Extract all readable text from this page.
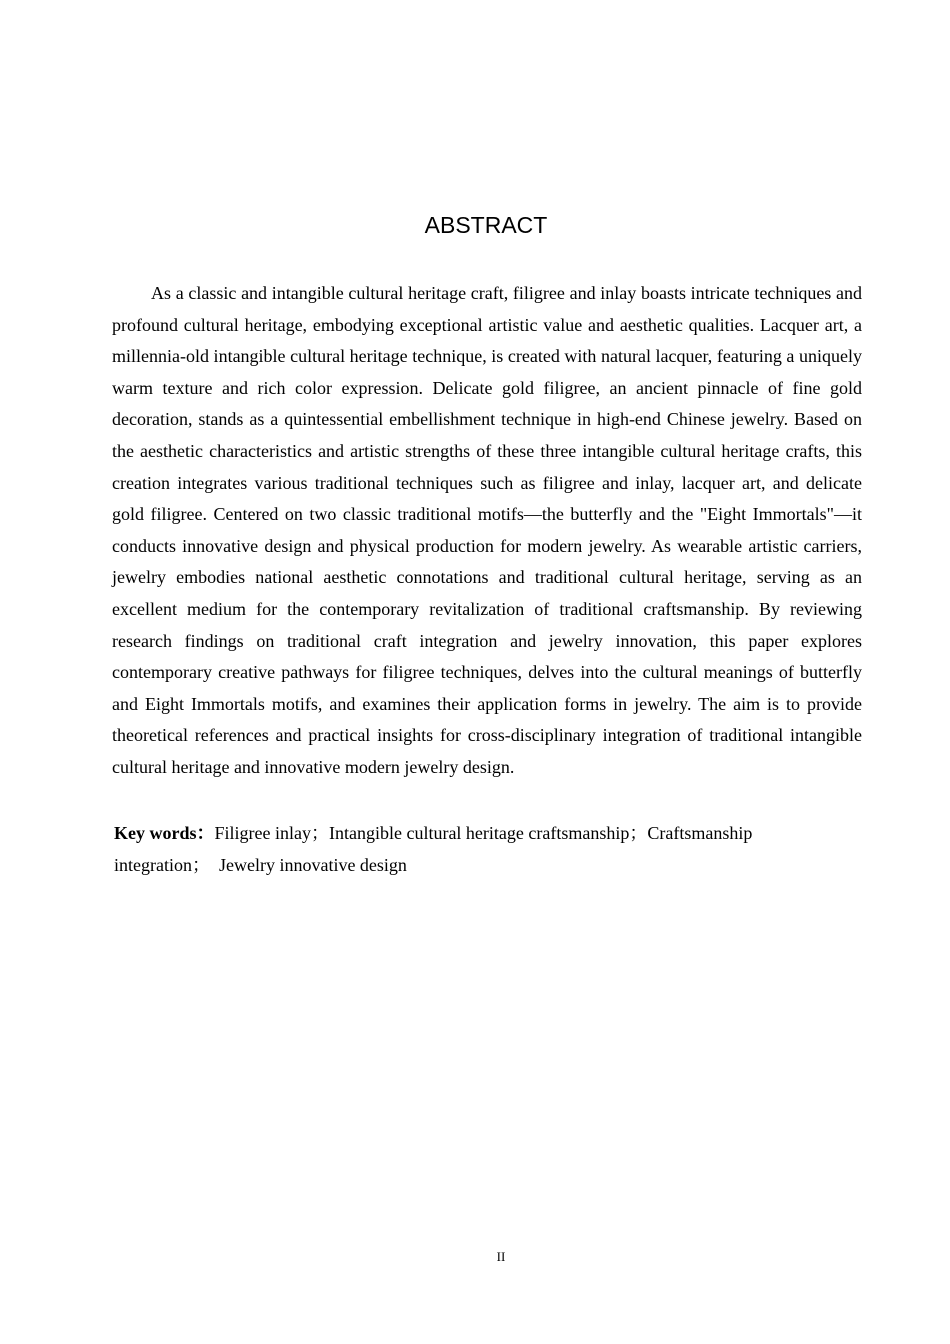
ABSTRACT

As a classic and intangible cultural heritage craft, filigree and inlay boasts intricate techniques and profound cultural heritage, embodying exceptional artistic value and aesthetic qualities. Lacquer art, a millennia-old intangible cultural heritage technique, is created with natural lacquer, featuring a uniquely warm texture and rich color expression. Delicate gold filigree, an ancient pinnacle of fine gold decoration, stands as a quintessential embellishment technique in high-end Chinese jewelry. Based on the aesthetic characteristics and artistic strengths of these three intangible cultural heritage crafts, this creation integrates various traditional techniques such as filigree and inlay, lacquer art, and delicate gold filigree. Centered on two classic traditional motifs—the butterfly and the "Eight Immortals"—it conducts innovative design and physical production for modern jewelry. As wearable artistic carriers, jewelry embodies national aesthetic connotations and traditional cultural heritage, serving as an excellent medium for the contemporary revitalization of traditional craftsmanship. By reviewing research findings on traditional craft integration and jewelry innovation, this paper explores contemporary creative pathways for filigree techniques, delves into the cultural meanings of butterfly and Eight Immortals motifs, and examines their application forms in jewelry. The aim is to provide theoretical references and practical insights for cross-disciplinary integration of traditional intangible cultural heritage and innovative modern jewelry design.

Key words：Filigree inlay；Intangible cultural heritage craftsmanship；Craftsmanship
integration；　Jewelry innovative design
II
